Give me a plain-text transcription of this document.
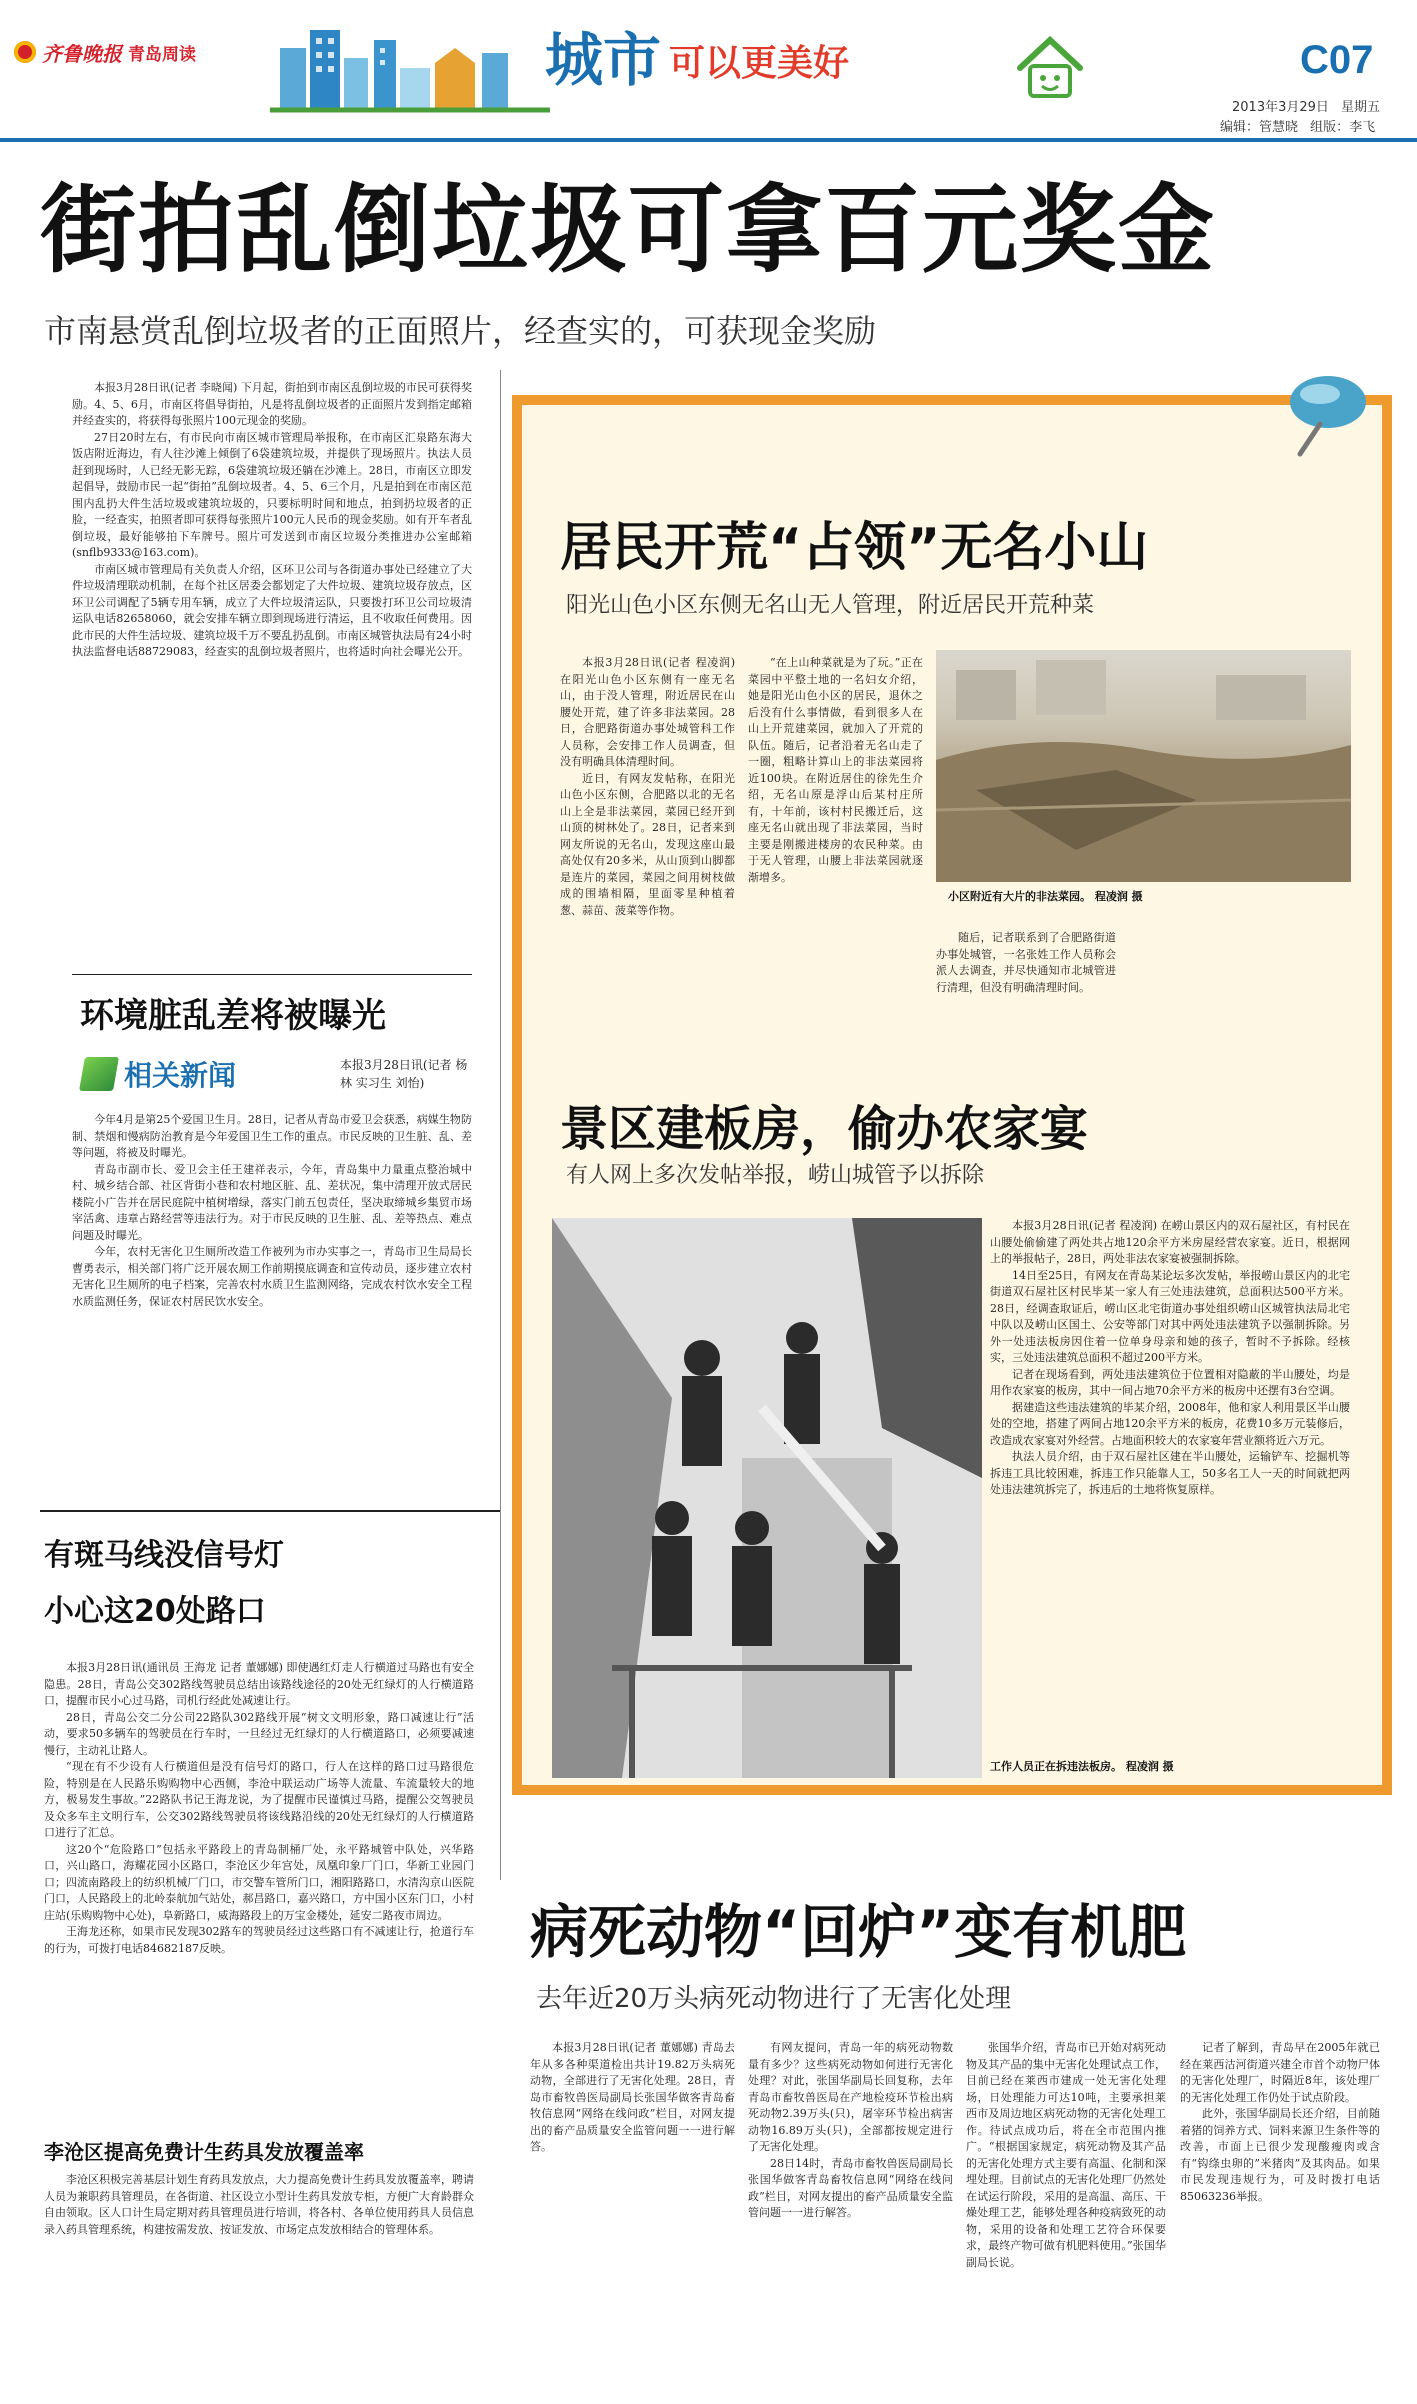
齐鲁晚报 青岛周读	城 市 可以更美好	C07
2013年3月29日 星期五
编辑：管慧晓 组版：李飞
街拍乱倒垃圾可拿百元奖金
市南悬赏乱倒垃圾者的正面照片，经查实的，可获现金奖励

本报3月28日讯(记者 李晓闻) 下月起，街拍到市南区乱倒垃圾的市民可获得奖励。4、5、6月，市南区将倡导街拍，凡是将乱倒垃圾者的正面照片发到指定邮箱并经查实的，将获得每张照片100元现金的奖励。

27日20时左右，有市民向市南区城市管理局举报称，在市南区汇泉路东海大饭店附近海边，有人往沙滩上倾倒了6袋建筑垃圾，并提供了现场照片。执法人员赶到现场时，人已经无影无踪，6袋建筑垃圾还躺在沙滩上。28日，市南区立即发起倡导，鼓励市民一起“街拍”乱倒垃圾者。4、5、6三个月，凡是拍到在市南区范围内乱扔大件生活垃圾或建筑垃圾的，只要标明时间和地点，拍到扔垃圾者的正脸，一经查实，拍照者即可获得每张照片100元人民币的现金奖励。如有开车者乱倒垃圾，最好能够拍下车牌号。照片可发送到市南区垃圾分类推进办公室邮箱(snflb9333@163.com)。

市南区城市管理局有关负责人介绍，区环卫公司与各街道办事处已经建立了大件垃圾清理联动机制，在每个社区居委会都划定了大件垃圾、建筑垃圾存放点，区环卫公司调配了5辆专用车辆，成立了大件垃圾清运队，只要拨打环卫公司垃圾清运队电话82658060，就会安排车辆立即到现场进行清运，且不收取任何费用。因此市民的大件生活垃圾、建筑垃圾千万不要乱扔乱倒。市南区城管执法局有24小时执法监督电话88729083，经查实的乱倒垃圾者照片，也将适时向社会曝光公开。

环境脏乱差将被曝光
相关新闻	本报3月28日讯(记者 杨林 实习生 刘怡)

今年4月是第25个爱国卫生月。28日，记者从青岛市爱卫会获悉，病媒生物防制、禁烟和慢病防治教育是今年爱国卫生工作的重点。市民反映的卫生脏、乱、差等问题，将被及时曝光。

青岛市副市长、爱卫会主任王建祥表示，今年，青岛集中力量重点整治城中村、城乡结合部、社区背街小巷和农村地区脏、乱、差状况，集中清理开放式居民楼院小广告并在居民庭院中植树增绿，落实门前五包责任，坚决取缔城乡集贸市场宰活禽、违章占路经营等违法行为。对于市民反映的卫生脏、乱、差等热点、难点问题及时曝光。

今年，农村无害化卫生厕所改造工作被列为市办实事之一，青岛市卫生局局长曹勇表示，相关部门将广泛开展农厕工作前期摸底调查和宣传动员，逐步建立农村无害化卫生厕所的电子档案，完善农村水质卫生监测网络，完成农村饮水安全工程水质监测任务，保证农村居民饮水安全。

有斑马线没信号灯
小心这20处路口

本报3月28日讯(通讯员 王海龙 记者 董娜娜) 即使遇红灯走人行横道过马路也有安全隐患。28日，青岛公交302路线驾驶员总结出该路线途径的20处无红绿灯的人行横道路口，提醒市民小心过马路，司机行经此处减速让行。

28日，青岛公交二分公司22路队302路线开展“树文文明形象，路口减速让行”活动，要求50多辆车的驾驶员在行车时，一旦经过无红绿灯的人行横道路口，必须要减速慢行，主动礼让路人。

“现在有不少设有人行横道但是没有信号灯的路口，行人在这样的路口过马路很危险，特别是在人民路乐购购物中心西侧，李沧中联运动广场等人流量、车流量较大的地方，极易发生事故。”22路队书记王海龙说，为了提醒市民谨慎过马路，提醒公交驾驶员及众多车主文明行车，公交302路线驾驶员将该线路沿线的20处无红绿灯的人行横道路口进行了汇总。

这20个“危险路口”包括永平路段上的青岛制桶厂处，永平路城管中队处，兴华路口，兴山路口，海耀花园小区路口，李沧区少年宫处，凤凰印象厂门口，华新工业园门口；四流南路段上的纺织机械厂门口，市交警车管所门口，湘阳路路口，水清沟京山医院门口，人民路段上的北岭泰航加气站处，郝昌路口，嘉兴路口，方中国小区东门口，小村庄站(乐购购物中心处)，阜新路口，威海路段上的万宝金楼处，延安二路夜市周边。

王海龙还称，如果市民发现302路车的驾驶员经过这些路口有不减速让行，抢道行车的行为，可拨打电话84682187反映。

李沧区提高免费计生药具发放覆盖率

李沧区积极完善基层计划生育药具发放点，大力提高免费计生药具发放覆盖率，聘请人员为兼职药具管理员，在各街道、社区设立小型计生药具发放专柜，方便广大育龄群众自由领取。区人口计生局定期对药具管理员进行培训，将各村、各单位使用药具人员信息录入药具管理系统，构建按需发放、按证发放、市场定点发放相结合的管理体系。

居民开荒“占领”无名小山
阳光山色小区东侧无名山无人管理，附近居民开荒种菜

本报3月28日讯(记者 程凌润) 在阳光山色小区东侧有一座无名山，由于没人管理，附近居民在山腰处开荒，建了许多非法菜园。28日，合肥路街道办事处城管科工作人员称，会安排工作人员调查，但没有明确具体清理时间。

近日，有网友发帖称，在阳光山色小区东侧，合肥路以北的无名山上全是非法菜园，菜园已经开到山顶的树林处了。28日，记者来到网友所说的无名山，发现这座山最高处仅有20多米，从山顶到山脚都是连片的菜园，菜园之间用树枝做成的围墙相隔，里面零星种植着葱、蒜苗、菠菜等作物。

“在上山种菜就是为了玩。”正在菜园中平整土地的一名妇女介绍，她是阳光山色小区的居民，退休之后没有什么事情做，看到很多人在山上开荒建菜园，就加入了开荒的队伍。随后，记者沿着无名山走了一圈，粗略计算山上的非法菜园将近100块。在附近居住的徐先生介绍，无名山原是浮山后某村庄所有，十年前，该村村民搬迁后，这座无名山就出现了非法菜园，当时主要是刚搬进楼房的农民种菜。由于无人管理，山腰上非法菜园就逐渐增多。

随后，记者联系到了合肥路街道办事处城管，一名张姓工作人员称会派人去调查，并尽快通知市北城管进行清理，但没有明确清理时间。

小区附近有大片的非法菜园。 程凌润 摄
景区建板房，偷办农家宴
有人网上多次发帖举报，崂山城管予以拆除
工作人员正在拆违法板房。 程凌润 摄

本报3月28日讯(记者 程凌润) 在崂山景区内的双石屋社区，有村民在山腰处偷偷建了两处共占地120余平方米房屋经营农家宴。近日，根据网上的举报帖子，28日，两处非法农家宴被强制拆除。

14日至25日，有网友在青岛某论坛多次发帖，举报崂山景区内的北宅街道双石屋社区村民毕某一家人有三处违法建筑，总面积达500平方米。28日，经调查取证后，崂山区北宅街道办事处组织崂山区城管执法局北宅中队以及崂山区国土、公安等部门对其中两处违法建筑予以强制拆除。另外一处违法板房因住着一位单身母亲和她的孩子，暂时不予拆除。经核实，三处违法建筑总面积不超过200平方米。

记者在现场看到，两处违法建筑位于位置相对隐蔽的半山腰处，均是用作农家宴的板房，其中一间占地70余平方米的板房中还摆有3台空调。

据建造这些违法建筑的毕某介绍，2008年，他和家人利用景区半山腰处的空地，搭建了两间占地120余平方米的板房，花费10多万元装修后，改造成农家宴对外经营。占地面积较大的农家宴年营业额将近六万元。

执法人员介绍，由于双石屋社区建在半山腰处，运输铲车、挖掘机等拆违工具比较困难，拆违工作只能靠人工，50多名工人一天的时间就把两处违法建筑拆完了，拆违后的土地将恢复原样。

病死动物“回炉”变有机肥
去年近20万头病死动物进行了无害化处理

本报3月28日讯(记者 董娜娜) 青岛去年从多各种渠道检出共计19.82万头病死动物，全部进行了无害化处理。28日，青岛市畜牧兽医局副局长张国华做客青岛畜牧信息网“网络在线问政”栏目，对网友提出的畜产品质量安全监管问题一一进行解答。

有网友提问，青岛一年的病死动物数量有多少？这些病死动物如何进行无害化处理？对此，张国华副局长回复称，去年青岛市畜牧兽医局在产地检疫环节检出病死动物2.39万头(只)，屠宰环节检出病害动物16.89万头(只)，全部都按规定进行了无害化处理。

28日14时，青岛市畜牧兽医局副局长张国华做客青岛畜牧信息网“网络在线问政”栏目，对网友提出的畜产品质量安全监管问题一一进行解答。

张国华介绍，青岛市已开始对病死动物及其产品的集中无害化处理试点工作，目前已经在莱西市建成一处无害化处理场，日处理能力可达10吨，主要承担莱西市及周边地区病死动物的无害化处理工作。待试点成功后，将在全市范围内推广。“根据国家规定，病死动物及其产品的无害化处理方式主要有高温、化制和深埋处理。目前试点的无害化处理厂仍然处在试运行阶段，采用的是高温、高压、干燥处理工艺，能够处理各种疫病致死的动物，采用的设备和处理工艺符合环保要求，最终产物可做有机肥料使用。”张国华副局长说。

记者了解到，青岛早在2005年就已经在莱西沽河街道兴建全市首个动物尸体的无害化处理厂，时隔近8年，该处理厂的无害化处理工作仍处于试点阶段。

此外，张国华副局长还介绍，目前随着猪的饲养方式、饲料来源卫生条件等的改善，市面上已很少发现酸瘦肉或含有“钩绦虫卵的”米猪肉”及其肉品。如果市民发现违规行为，可及时拨打电话85063236举报。
